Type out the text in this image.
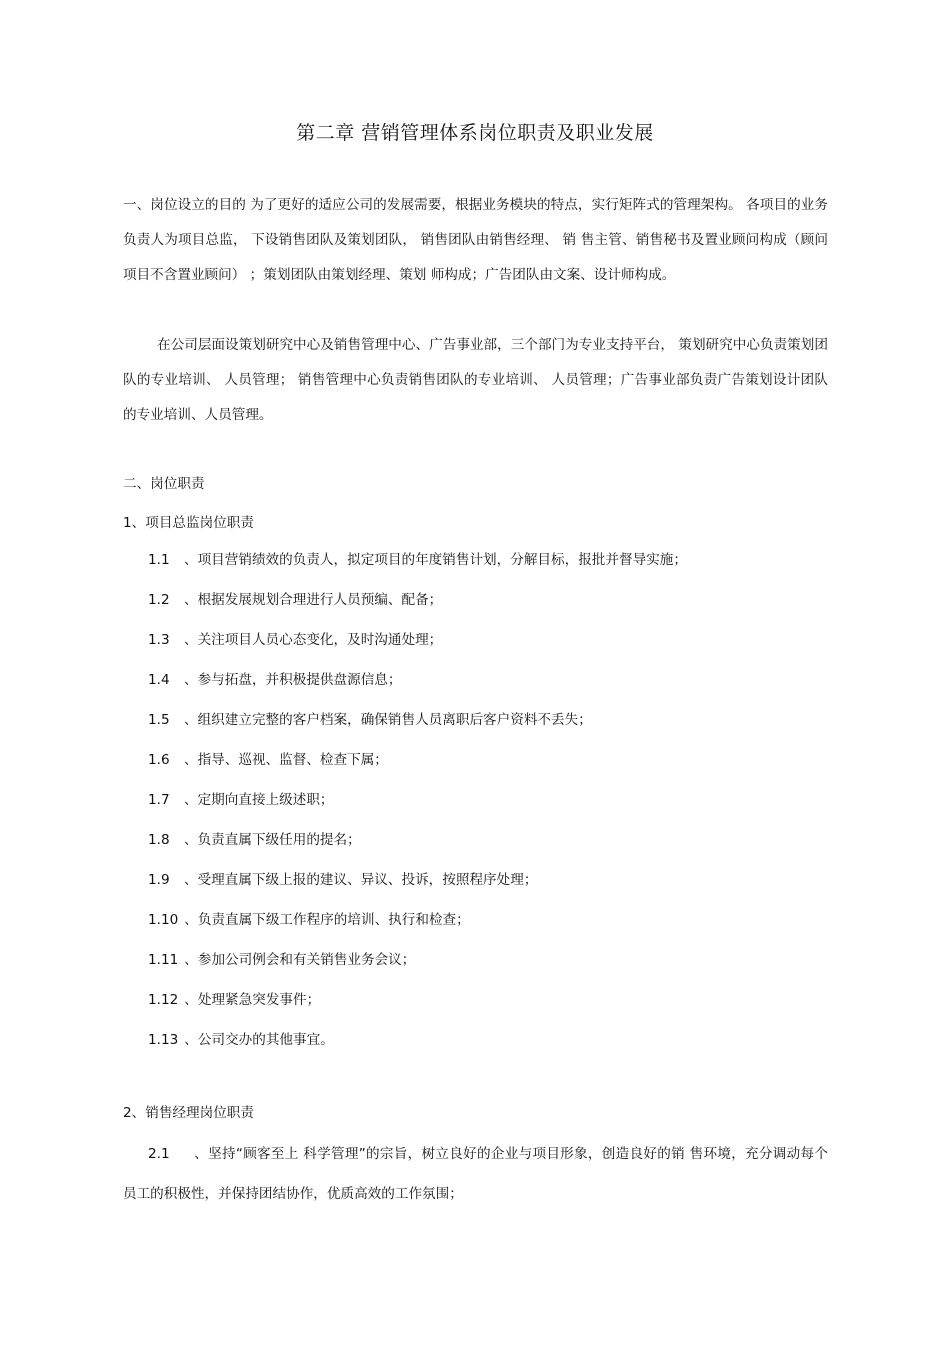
第二章 营销管理体系岗位职责及职业发展

一、岗位设立的目的 为了更好的适应公司的发展需要，根据业务模块的特点，实行矩阵式的管理架构。 各项目的业务负责人为项目总监， 下设销售团队及策划团队， 销售团队由销售经理、 销 售主管、销售秘书及置业顾问构成（顾问项目不含置业顾问） ；策划团队由策划经理、策划 师构成；广告团队由文案、设计师构成。

在公司层面设策划研究中心及销售管理中心、广告事业部，三个部门为专业支持平台， 策划研究中心负责策划团队的专业培训、 人员管理； 销售管理中心负责销售团队的专业培训、 人员管理；广告事业部负责广告策划设计团队的专业培训、人员管理。

二、岗位职责
1、项目总监岗位职责
1.1 、项目营销绩效的负责人，拟定项目的年度销售计划，分解目标，报批并督导实施；
1.2 、根据发展规划合理进行人员预编、配备；
1.3 、关注项目人员心态变化，及时沟通处理；
1.4 、参与拓盘，并积极提供盘源信息；
1.5 、组织建立完整的客户档案，确保销售人员离职后客户资料不丢失；
1.6 、指导、巡视、监督、检查下属；
1.7 、定期向直接上级述职；
1.8 、负责直属下级任用的提名；
1.9 、受理直属下级上报的建议、异议、投诉，按照程序处理；
1.10 、负责直属下级工作程序的培训、执行和检查；
1.11 、参加公司例会和有关销售业务会议；
1.12 、处理紧急突发事件；
1.13 、公司交办的其他事宜。
2、销售经理岗位职责

2.1 、坚持“顾客至上 科学管理”的宗旨，树立良好的企业与项目形象，创造良好的销 售环境，充分调动每个员工的积极性，并保持团结协作，优质高效的工作氛围；
